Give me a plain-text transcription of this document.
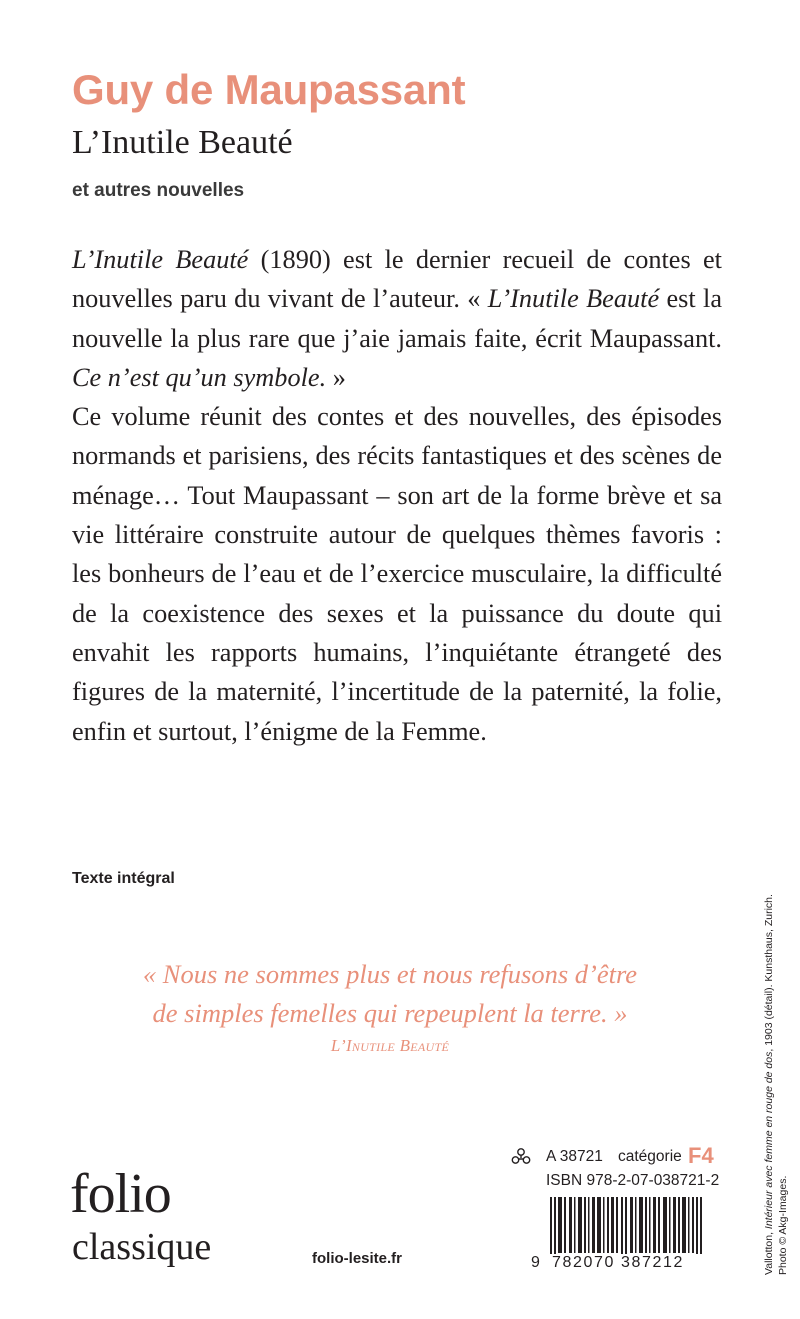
Guy de Maupassant
L’Inutile Beauté
et autres nouvelles

L’Inutile Beauté (1890) est le dernier recueil de contes et nouvelles paru du vivant de l’auteur. « L’Inutile Beauté est la nouvelle la plus rare que j’aie jamais faite, écrit Maupassant. Ce n’est qu’un symbole. »

Ce volume réunit des contes et des nouvelles, des épisodes normands et parisiens, des récits fantastiques et des scènes de ménage… Tout Maupassant – son art de la forme brève et sa vie littéraire construite autour de quelques thèmes favoris : les bonheurs de l’eau et de l’exercice musculaire, la difficulté de la coexistence des sexes et la puissance du doute qui envahit les rapports humains, l’inquiétante étrangeté des figures de la maternité, l’incertitude de la paternité, la folie, enfin et surtout, l’énigme de la Femme.

Texte intégral
« Nous ne sommes plus et nous refusons d’être
de simples femelles qui repeuplent la terre. »
L’Inutile Beauté
folio
classique	folio-lesite.fr
A 38721 catégorie F4
ISBN 978-2-07-038721-2
9 782070 387212	Vallotton, Intérieur avec femme en rouge de dos, 1903 (détail). Kunsthaus, Zurich.
Photo © Akg-Images.
